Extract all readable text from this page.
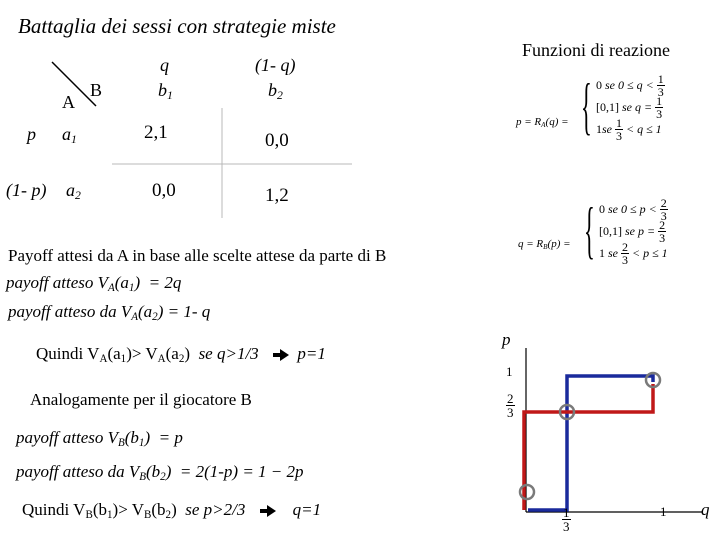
Battaglia dei sessi con strategie miste
Funzioni di reazione
A
B
q	(1- q)
$b_1$	$b_2$
p $a_1$
(1- p) $a_2$
2,1	0,0
0,0	1,2
$p = R_A(q)$ = { 0
se 0 ≤ q <
$\frac{1}{3}$
[0,1]
se q =
$\frac{1}{3}$
1 se
$\frac{1}{3}$
< q ≤ 1
$q = R_B(p)$ = { 0
se 0 ≤ p <
$\frac{2}{3}$
[0,1]
se p =
$\frac{2}{3}$
1
se
$\frac{2}{3}$
< p ≤ 1
Payoff attesi da A in base alle scelte attese da parte di B
payoff atteso $V_A(a_1) = 2q$
payoff atteso da $V_A(a_2) = 1-$ q
Quindi $V_A(a_1)> V_A(a_2)$  se q>1/3 p=1
Analogamente per il giocatore B
payoff atteso $V_B(b_1) = p$
payoff atteso da $V_B(b_2) = 2(1-p) = 1 - 2p$
Quindi $V_B(b_1)> V_B(b_2)$  se p>2/3	q=1
p
1
$\frac{2}{3}$
$\frac{1}{3}$	1 q
